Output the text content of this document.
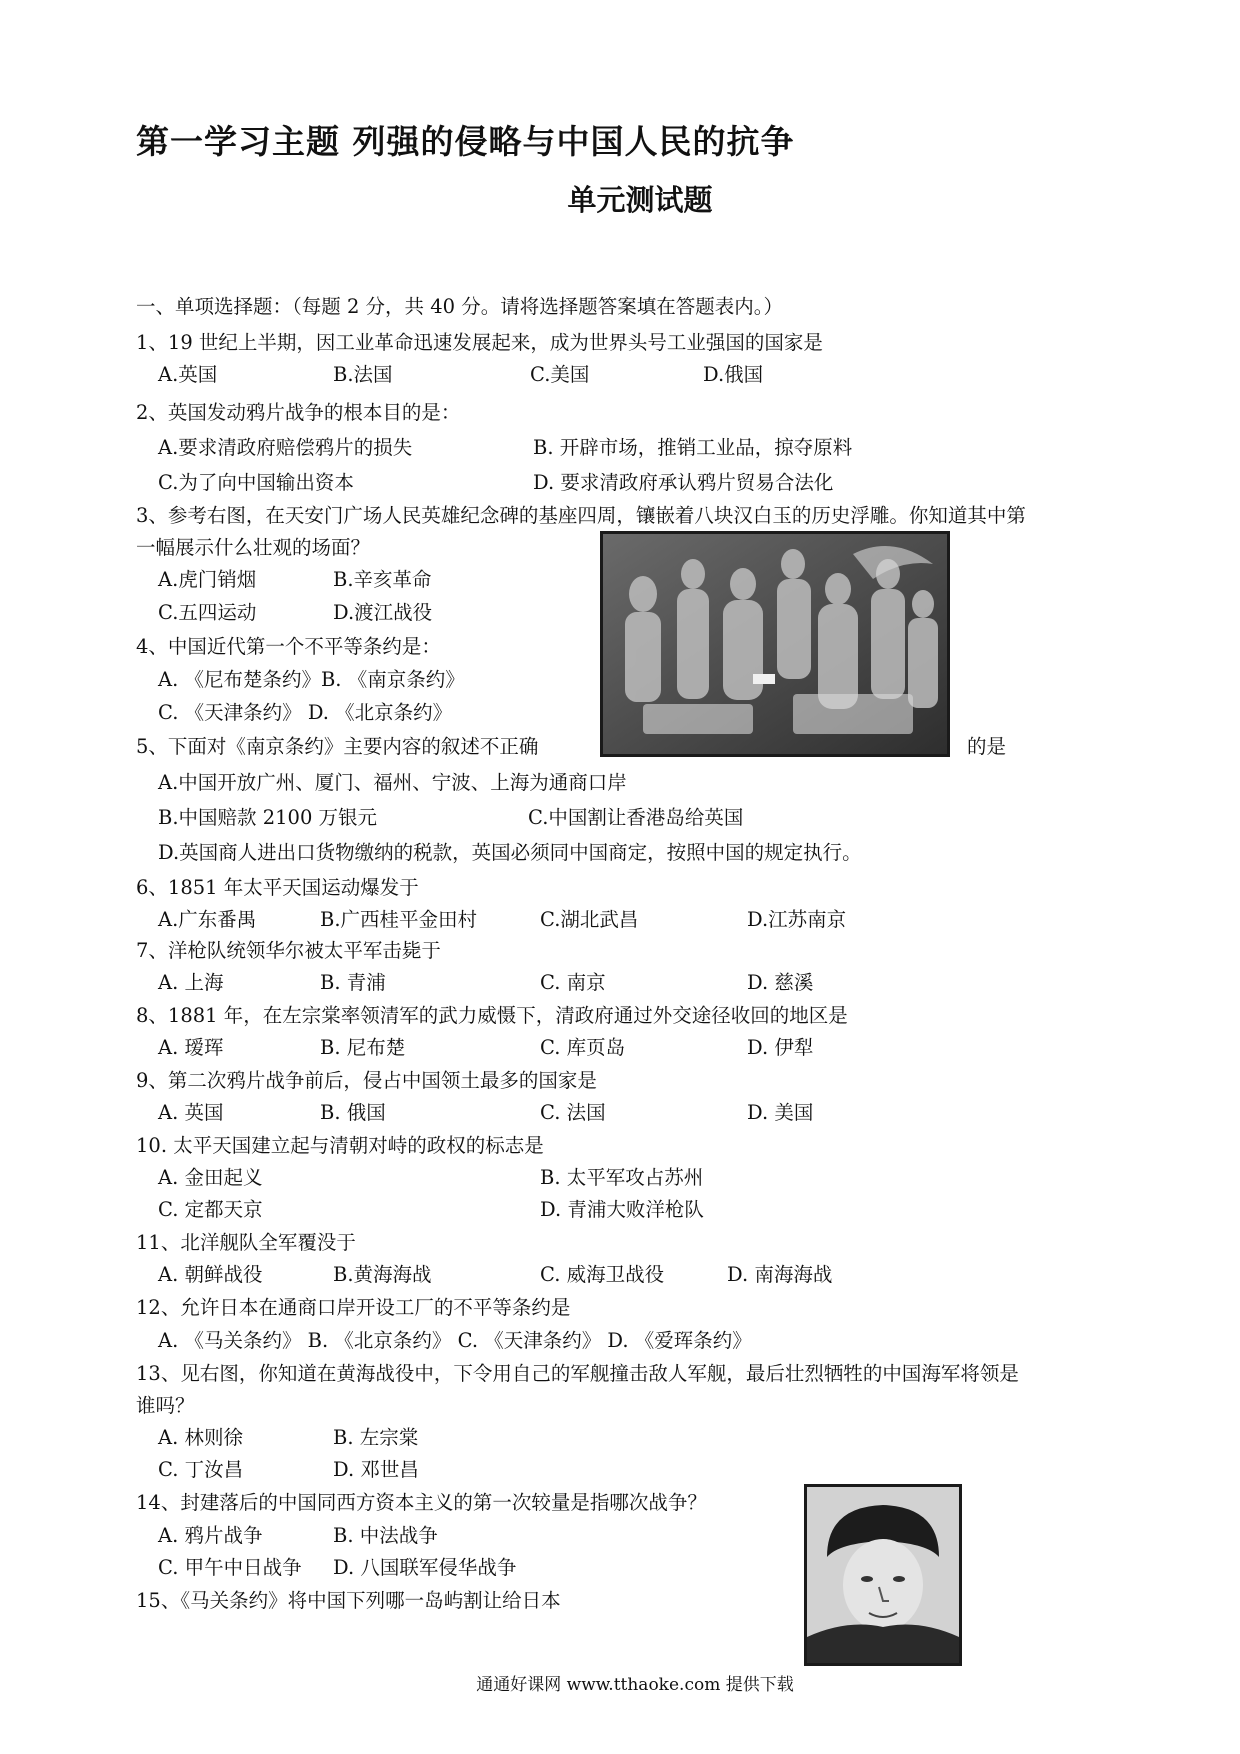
第一学习主题 列强的侵略与中国人民的抗争
单元测试题
一、单项选择题：（每题 2 分，共 40 分。请将选择题答案填在答题表内。）
1、19 世纪上半期，因工业革命迅速发展起来，成为世界头号工业强国的国家是
A.英国	B.法国	C.美国	D.俄国
2、英国发动鸦片战争的根本目的是：
A.要求清政府赔偿鸦片的损失	B. 开辟市场，推销工业品，掠夺原料
C.为了向中国输出资本	D. 要求清政府承认鸦片贸易合法化
3、参考右图，在天安门广场人民英雄纪念碑的基座四周，镶嵌着八块汉白玉的历史浮雕。你知道其中第
一幅展示什么壮观的场面？
A.虎门销烟	B.辛亥革命
C.五四运动	D.渡江战役
4、中国近代第一个不平等条约是：
A. 《尼布楚条约》B. 《南京条约》
C. 《天津条约》 D. 《北京条约》
5、下面对《南京条约》主要内容的叙述不正确	的是
A.中国开放广州、厦门、福州、宁波、上海为通商口岸
B.中国赔款 2100 万银元	C.中国割让香港岛给英国
D.英国商人进出口货物缴纳的税款，英国必须同中国商定，按照中国的规定执行。
6、1851 年太平天国运动爆发于
A.广东番禺	B.广西桂平金田村	C.湖北武昌	D.江苏南京
7、洋枪队统领华尔被太平军击毙于
A. 上海	B. 青浦	C. 南京	D. 慈溪
8、1881 年，在左宗棠率领清军的武力威慑下，清政府通过外交途径收回的地区是
A. 瑷珲	B. 尼布楚	C. 库页岛	D. 伊犁
9、第二次鸦片战争前后，侵占中国领土最多的国家是
A. 英国	B. 俄国	C. 法国	D. 美国
10. 太平天国建立起与清朝对峙的政权的标志是
A. 金田起义	B. 太平军攻占苏州
C. 定都天京	D. 青浦大败洋枪队
11、北洋舰队全军覆没于
A. 朝鲜战役	B.黄海海战	C. 威海卫战役	D. 南海海战
12、允许日本在通商口岸开设工厂的不平等条约是
A. 《马关条约》 B. 《北京条约》 C. 《天津条约》 D. 《爱珲条约》
13、见右图，你知道在黄海战役中，下令用自己的军舰撞击敌人军舰，最后壮烈牺牲的中国海军将领是
谁吗？
A. 林则徐	B. 左宗棠
C. 丁汝昌	D. 邓世昌
14、封建落后的中国同西方资本主义的第一次较量是指哪次战争？
A. 鸦片战争	B. 中法战争
C. 甲午中日战争 D. 八国联军侵华战争
15、《马关条约》将中国下列哪一岛屿割让给日本
通通好课网 www.tthaoke.com 提供下载
